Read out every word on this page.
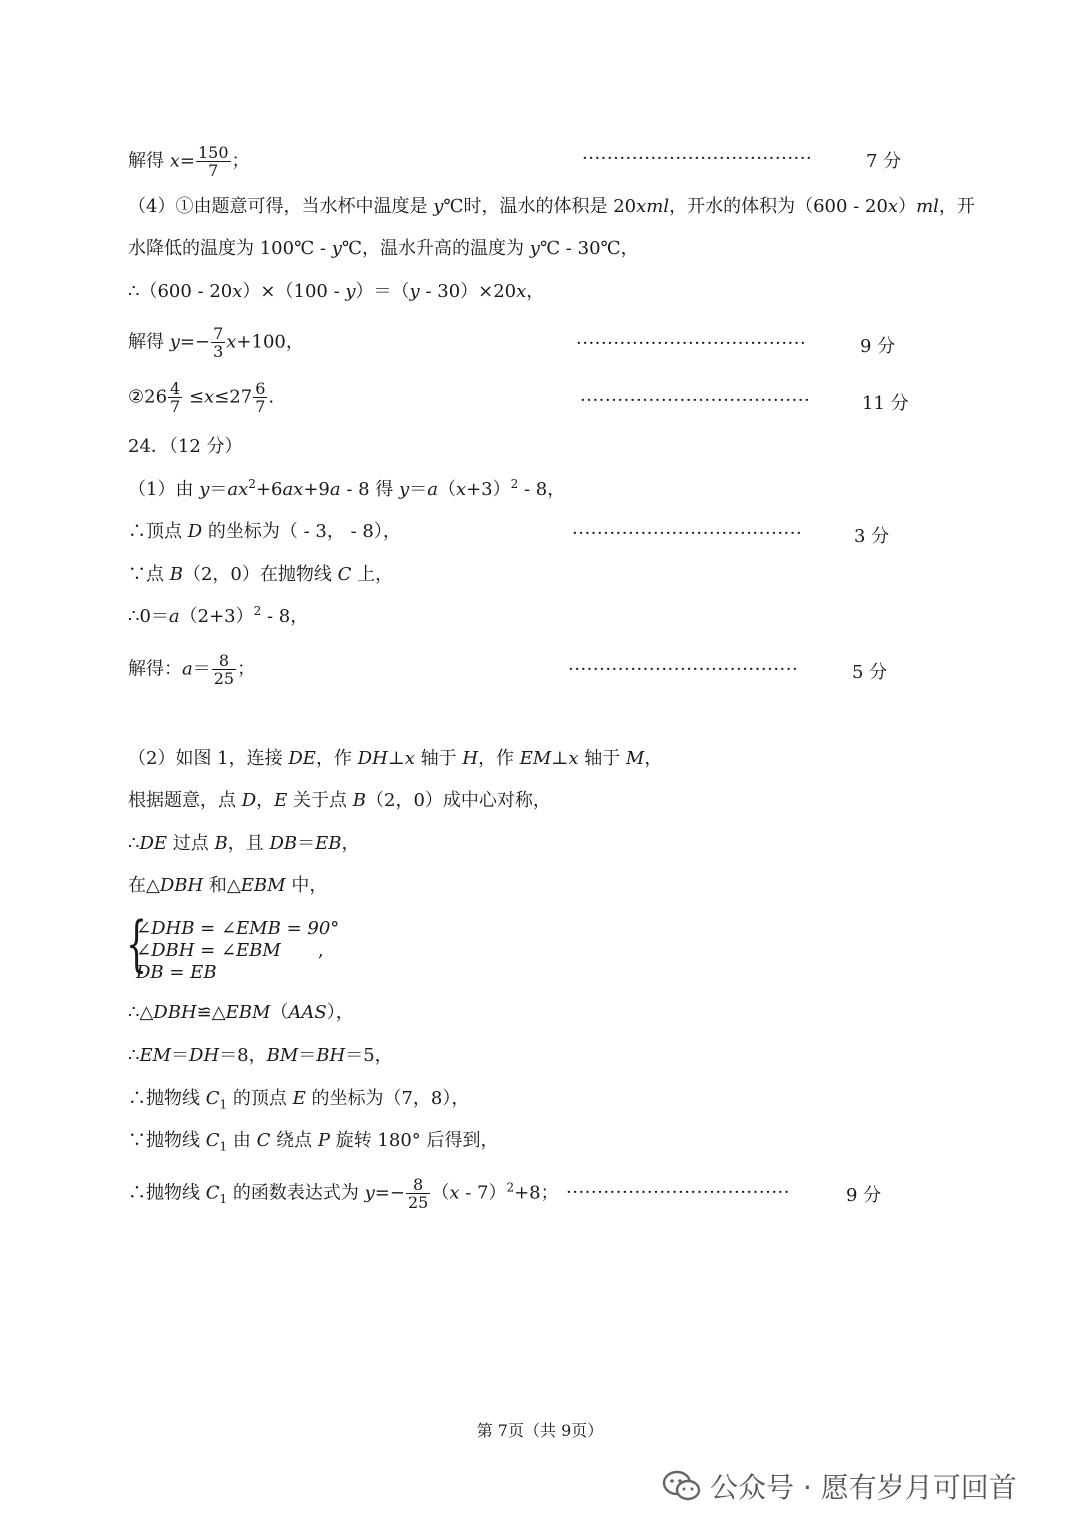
解得 $x= \frac{150}{7}$ ；	·····································	7 分
（4）①由题意可得，当水杯中温度是 y℃时，温水的体积是 20xml，开水的体积为（600 - 20x）ml，开
水降低的温度为 100℃ - y℃，温水升高的温度为 y℃ - 30℃，
∴（600 - 20x）×（100 - y）＝（y - 30）×20x，
解得 $y=- \frac{7}{3} x+100$，	·····································	9 分
②26 $\frac{4}{7} \le x\le 27 \frac{6}{7}$ .	·····································	11 分
24．（12 分）
（1）由 $y=ax^2+6ax+9a - 8$ 得 $y=a(x+3)^2 - 8$，
∴顶点 D 的坐标为（ - 3， - 8），	·····································	3 分
∵点 B（2，0）在抛物线 C 上，
$\therefore 0=a(2+3)^2 - 8$，
解得：$a= \frac{8}{25}$ ；	·····································	5 分
（2）如图 1，连接 DE，作 DH⊥x 轴于 H，作 EM⊥x 轴于 M，
根据题意，点 D，E 关于点 B（2，0）成中心对称，
∴DE 过点 B，且 DB＝EB，
在△DBH 和△EBM 中，
{
∠DHB = ∠EMB = 90°
∠DBH = ∠EBM ,
DB = EB
∴△DBH≌△EBM（AAS），
∴EM＝DH＝8，BM＝BH＝5，
∴抛物线 $C_1$ 的顶点 E 的坐标为（7，8），
∵抛物线 $C_1$ 由 C 绕点 P 旋转 180° 后得到，
∴抛物线 $C_1$ 的函数表达式为 $y=- \frac{8}{25} (x - 7)^2+8$； ····································	9 分
第 7页（共 9页）
公众号 · 愿有岁月可回首
